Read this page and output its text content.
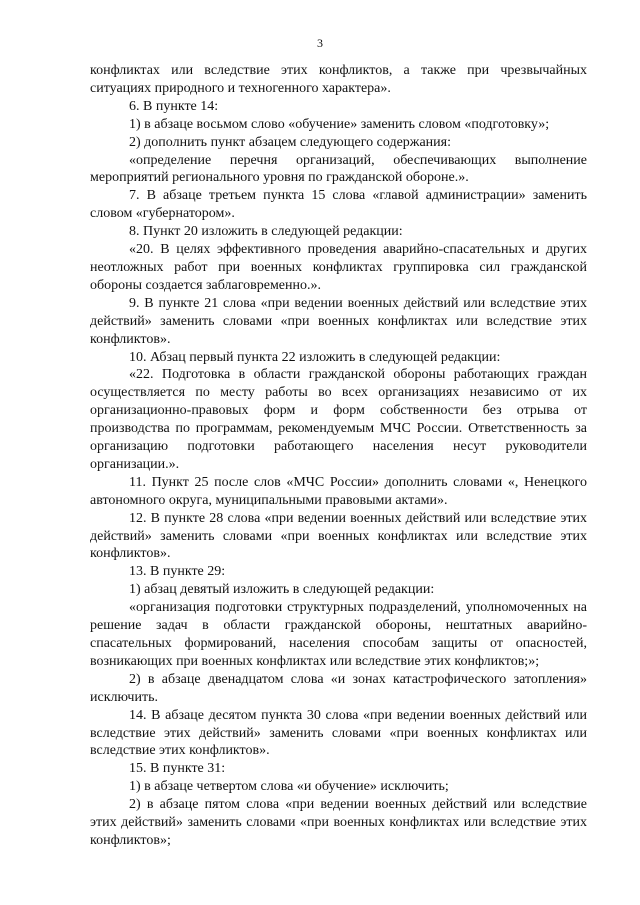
3

конфликтах или вследствие этих конфликтов, а также при чрезвычайных ситуациях природного и техногенного характера».

6. В пункте 14:

1) в абзаце восьмом слово «обучение» заменить словом «подготовку»;

2) дополнить пункт абзацем следующего содержания:

«определение перечня организаций, обеспечивающих выполнение мероприятий регионального уровня по гражданской обороне.».

7. В абзаце третьем пункта 15 слова «главой администрации» заменить словом «губернатором».

8. Пункт 20 изложить в следующей редакции:

«20. В целях эффективного проведения аварийно-спасательных и других неотложных работ при военных конфликтах группировка сил гражданской обороны создается заблаговременно.».

9. В пункте 21 слова «при ведении военных действий или вследствие этих действий» заменить словами «при военных конфликтах или вследствие этих конфликтов».

10. Абзац первый пункта 22 изложить в следующей редакции:

«22. Подготовка в области гражданской обороны работающих граждан осуществляется по месту работы во всех организациях независимо от их организационно-правовых форм и форм собственности без отрыва от производства по программам, рекомендуемым МЧС России. Ответственность за организацию подготовки работающего населения несут руководители организации.».

11. Пункт 25 после слов «МЧС России» дополнить словами «, Ненецкого автономного округа, муниципальными правовыми актами».

12. В пункте 28 слова «при ведении военных действий или вследствие этих действий» заменить словами «при военных конфликтах или вследствие этих конфликтов».

13. В пункте 29:

1) абзац девятый изложить в следующей редакции:

«организация подготовки структурных подразделений, уполномоченных на решение задач в области гражданской обороны, нештатных аварийно-спасательных формирований, населения способам защиты от опасностей, возникающих при военных конфликтах или вследствие этих конфликтов;»;

2) в абзаце двенадцатом слова «и зонах катастрофического затопления» исключить.

14. В абзаце десятом пункта 30 слова «при ведении военных действий или вследствие этих действий» заменить словами «при военных конфликтах или вследствие этих конфликтов».

15. В пункте 31:

1) в абзаце четвертом слова «и обучение» исключить;

2) в абзаце пятом слова «при ведении военных действий или вследствие этих действий» заменить словами «при военных конфликтах или вследствие этих конфликтов»;
